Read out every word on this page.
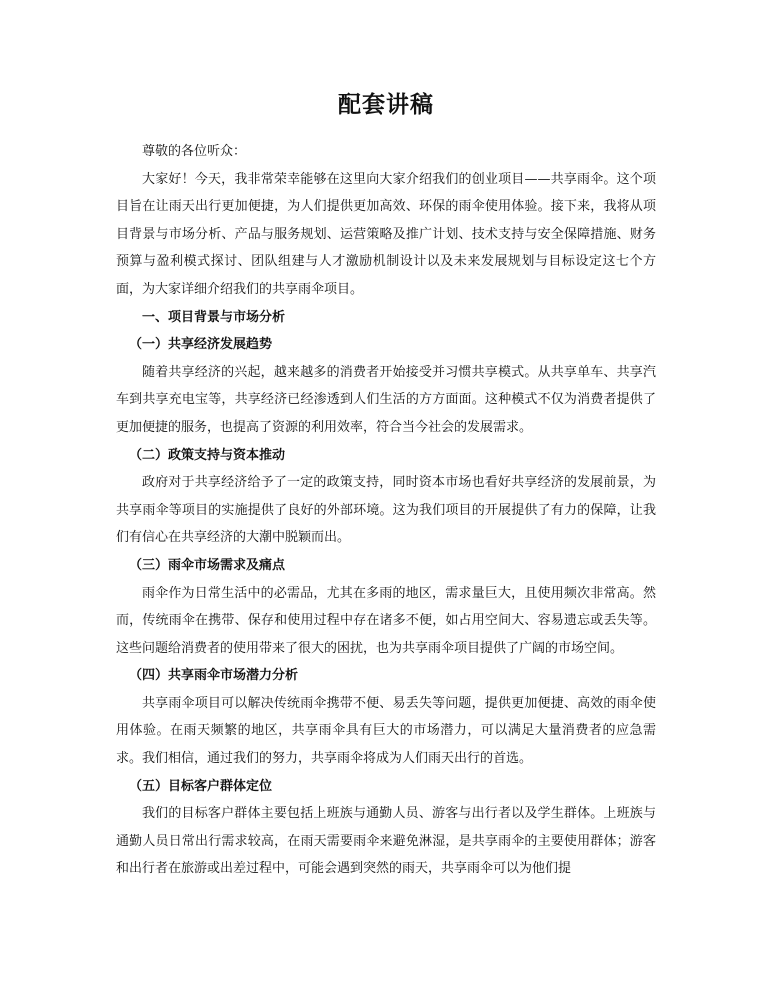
配套讲稿

尊敬的各位听众：

大家好！今天，我非常荣幸能够在这里向大家介绍我们的创业项目——共享雨伞。这个项目旨在让雨天出行更加便捷，为人们提供更加高效、环保的雨伞使用体验。接下来，我将从项目背景与市场分析、产品与服务规划、运营策略及推广计划、技术支持与安全保障措施、财务预算与盈利模式探讨、团队组建与人才激励机制设计以及未来发展规划与目标设定这七个方面，为大家详细介绍我们的共享雨伞项目。

一、项目背景与市场分析

（一）共享经济发展趋势

随着共享经济的兴起，越来越多的消费者开始接受并习惯共享模式。从共享单车、共享汽车到共享充电宝等，共享经济已经渗透到人们生活的方方面面。这种模式不仅为消费者提供了更加便捷的服务，也提高了资源的利用效率，符合当今社会的发展需求。

（二）政策支持与资本推动

政府对于共享经济给予了一定的政策支持，同时资本市场也看好共享经济的发展前景，为共享雨伞等项目的实施提供了良好的外部环境。这为我们项目的开展提供了有力的保障，让我们有信心在共享经济的大潮中脱颖而出。

（三）雨伞市场需求及痛点

雨伞作为日常生活中的必需品，尤其在多雨的地区，需求量巨大，且使用频次非常高。然而，传统雨伞在携带、保存和使用过程中存在诸多不便，如占用空间大、容易遗忘或丢失等。这些问题给消费者的使用带来了很大的困扰，也为共享雨伞项目提供了广阔的市场空间。

（四）共享雨伞市场潜力分析

共享雨伞项目可以解决传统雨伞携带不便、易丢失等问题，提供更加便捷、高效的雨伞使用体验。在雨天频繁的地区，共享雨伞具有巨大的市场潜力，可以满足大量消费者的应急需求。我们相信，通过我们的努力，共享雨伞将成为人们雨天出行的首选。

（五）目标客户群体定位

我们的目标客户群体主要包括上班族与通勤人员、游客与出行者以及学生群体。上班族与通勤人员日常出行需求较高，在雨天需要雨伞来避免淋湿，是共享雨伞的主要使用群体；游客和出行者在旅游或出差过程中，可能会遇到突然的雨天，共享雨伞可以为他们提
